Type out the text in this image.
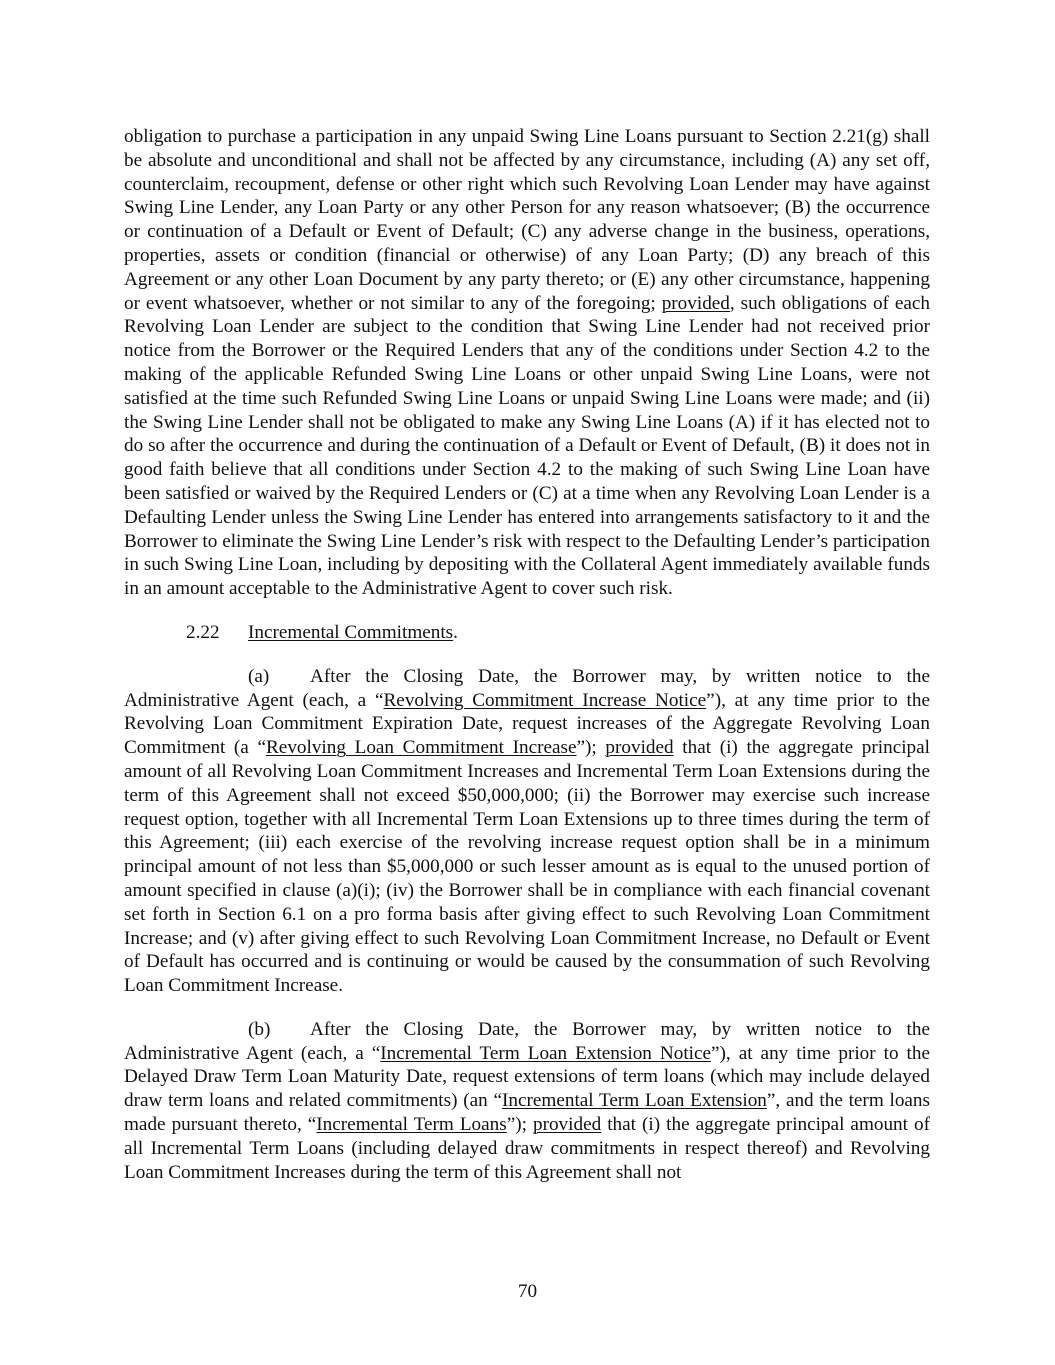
obligation to purchase a participation in any unpaid Swing Line Loans pursuant to Section 2.21(g) shall be absolute and unconditional and shall not be affected by any circumstance, including (A) any set off, counterclaim, recoupment, defense or other right which such Revolving Loan Lender may have against Swing Line Lender, any Loan Party or any other Person for any reason whatsoever; (B) the occurrence or continuation of a Default or Event of Default; (C) any adverse change in the business, operations, properties, assets or condition (financial or otherwise) of any Loan Party; (D) any breach of this Agreement or any other Loan Document by any party thereto; or (E) any other circumstance, happening or event whatsoever, whether or not similar to any of the foregoing; provided, such obligations of each Revolving Loan Lender are subject to the condition that Swing Line Lender had not received prior notice from the Borrower or the Required Lenders that any of the conditions under Section 4.2 to the making of the applicable Refunded Swing Line Loans or other unpaid Swing Line Loans, were not satisfied at the time such Refunded Swing Line Loans or unpaid Swing Line Loans were made; and (ii) the Swing Line Lender shall not be obligated to make any Swing Line Loans (A) if it has elected not to do so after the occurrence and during the continuation of a Default or Event of Default, (B) it does not in good faith believe that all conditions under Section 4.2 to the making of such Swing Line Loan have been satisfied or waived by the Required Lenders or (C) at a time when any Revolving Loan Lender is a Defaulting Lender unless the Swing Line Lender has entered into arrangements satisfactory to it and the Borrower to eliminate the Swing Line Lender’s risk with respect to the Defaulting Lender’s participation in such Swing Line Loan, including by depositing with the Collateral Agent immediately available funds in an amount acceptable to the Administrative Agent to cover such risk.

2.22 Incremental Commitments.

(a) After the Closing Date, the Borrower may, by written notice to the Administrative Agent (each, a “Revolving Commitment Increase Notice”), at any time prior to the Revolving Loan Commitment Expiration Date, request increases of the Aggregate Revolving Loan Commitment (a “Revolving Loan Commitment Increase”); provided that (i) the aggregate principal amount of all Revolving Loan Commitment Increases and Incremental Term Loan Extensions during the term of this Agreement shall not exceed $50,000,000; (ii) the Borrower may exercise such increase request option, together with all Incremental Term Loan Extensions up to three times during the term of this Agreement; (iii) each exercise of the revolving increase request option shall be in a minimum principal amount of not less than $5,000,000 or such lesser amount as is equal to the unused portion of amount specified in clause (a)(i); (iv) the Borrower shall be in compliance with each financial covenant set forth in Section 6.1 on a pro forma basis after giving effect to such Revolving Loan Commitment Increase; and (v) after giving effect to such Revolving Loan Commitment Increase, no Default or Event of Default has occurred and is continuing or would be caused by the consummation of such Revolving Loan Commitment Increase.

(b) After the Closing Date, the Borrower may, by written notice to the Administrative Agent (each, a “Incremental Term Loan Extension Notice”), at any time prior to the Delayed Draw Term Loan Maturity Date, request extensions of term loans (which may include delayed draw term loans and related commitments) (an “Incremental Term Loan Extension”, and the term loans made pursuant thereto, “Incremental Term Loans”); provided that (i) the aggregate principal amount of all Incremental Term Loans (including delayed draw commitments in respect thereof) and Revolving Loan Commitment Increases during the term of this Agreement shall not

70
